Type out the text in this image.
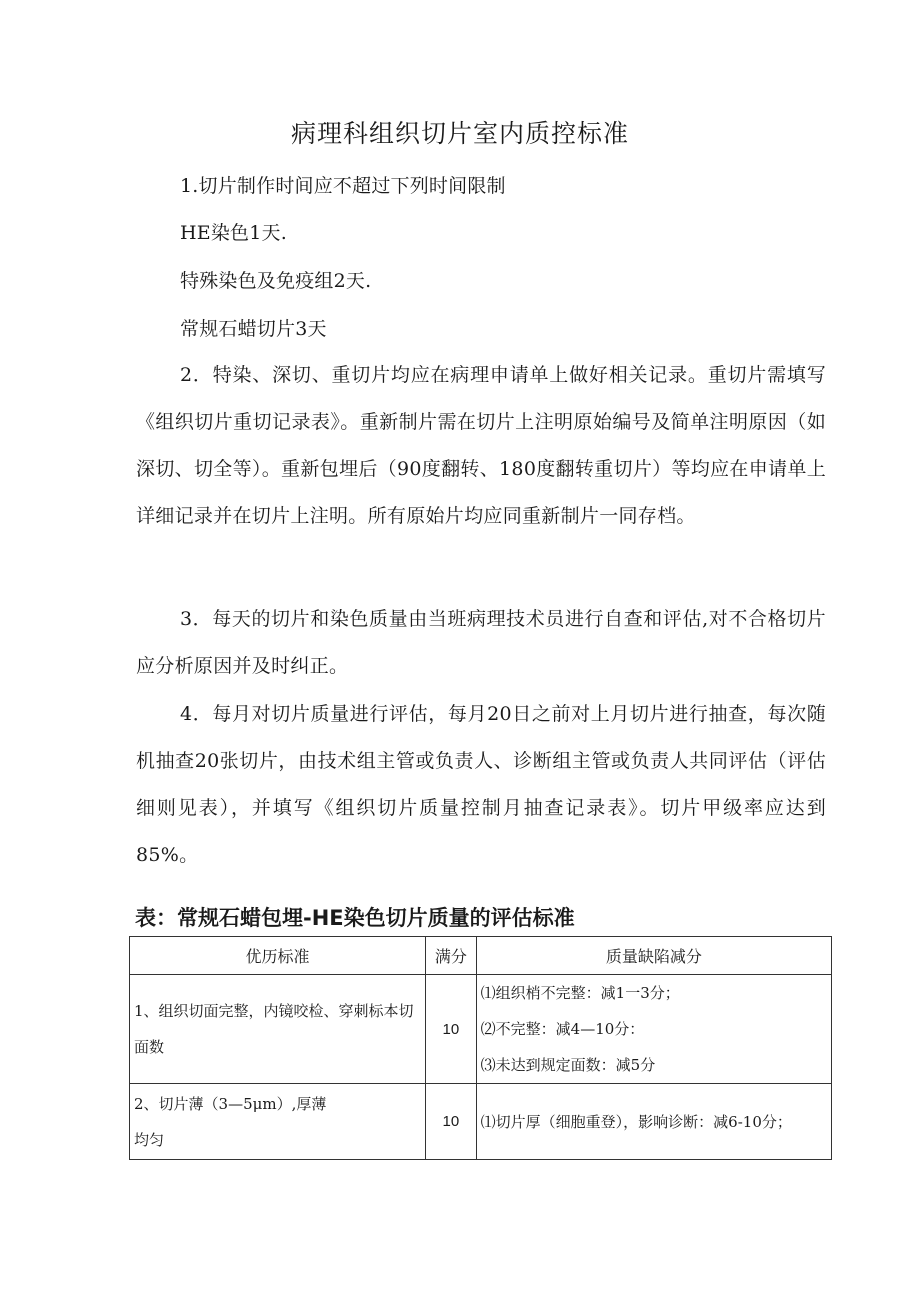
病理科组织切片室内质控标准
1.切片制作时间应不超过下列时间限制
HE染色1天.
特殊染色及免疫组2天.
常规石蜡切片3天

2．特染、深切、重切片均应在病理申请单上做好相关记录。重切片需填写《组织切片重切记录表》。重新制片需在切片上注明原始编号及简单注明原因（如深切、切全等）。重新包埋后（90度翻转、180度翻转重切片）等均应在申请单上详细记录并在切片上注明。所有原始片均应同重新制片一同存档。

3．每天的切片和染色质量由当班病理技术员进行自查和评估,对不合格切片应分析原因并及时纠正。

4．每月对切片质量进行评估，每月20日之前对上月切片进行抽查，每次随机抽查20张切片，由技术组主管或负责人、诊断组主管或负责人共同评估（评估细则见表），并填写《组织切片质量控制月抽查记录表》。切片甲级率应达到85%。

表：常规石蜡包埋-HE染色切片质量的评估标准
优历标准	满分	质量缺陷减分
1、组织切面完整，内镜咬检、穿刺标本切面数	10	⑴组织梢不完整：减1一3分；
⑵不完整：减4—10分：
⑶未达到规定面数：减5分

2、切片薄（3—5μm）,厚薄均匀	10	⑴切片厚（细胞重登），影响诊断：减6-10分；
